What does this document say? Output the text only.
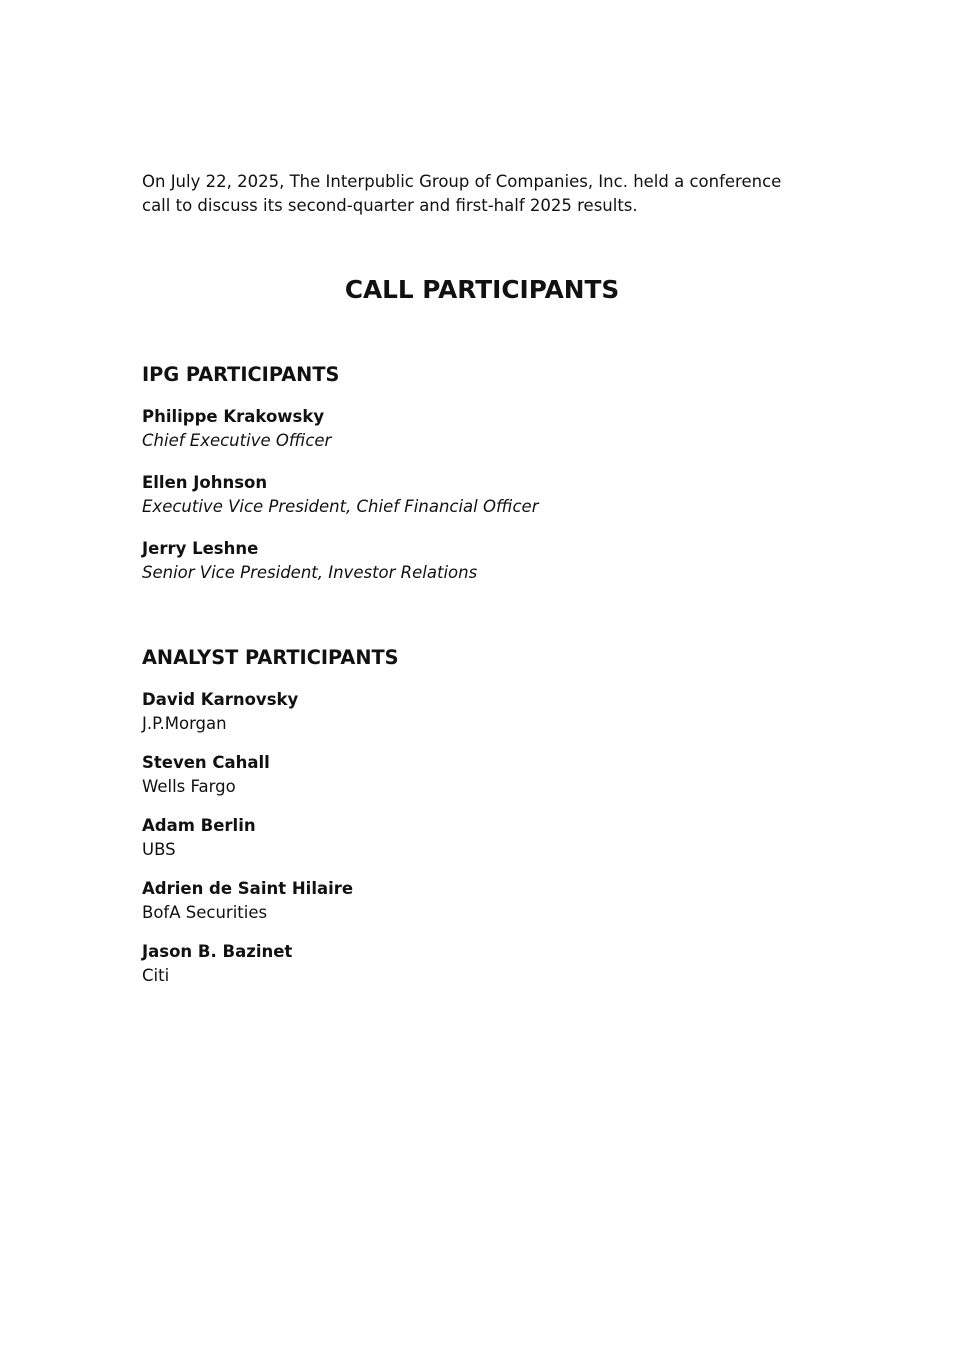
On July 22, 2025, The Interpublic Group of Companies, Inc. held a conference
call to discuss its second-quarter and first-half 2025 results.

CALL PARTICIPANTS
IPG PARTICIPANTS
Philippe Krakowsky
Chief Executive Officer
Ellen Johnson
Executive Vice President, Chief Financial Officer
Jerry Leshne
Senior Vice President, Investor Relations
ANALYST PARTICIPANTS
David Karnovsky
J.P.Morgan
Steven Cahall
Wells Fargo
Adam Berlin
UBS
Adrien de Saint Hilaire
BofA Securities
Jason B. Bazinet
Citi
